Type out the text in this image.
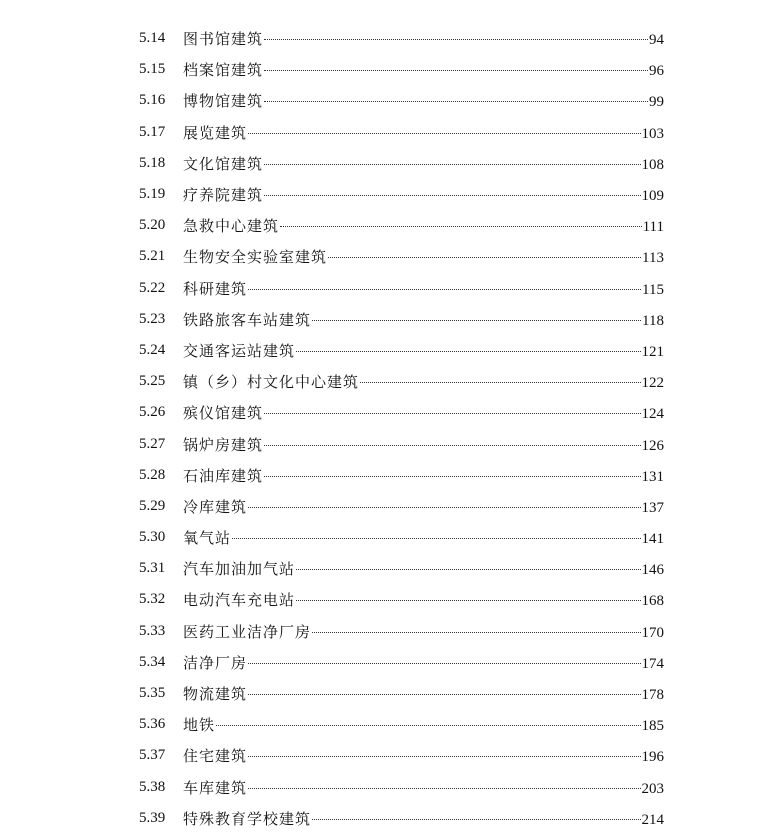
5.14	图书馆建筑	94
5.15	档案馆建筑	96
5.16	博物馆建筑	99
5.17	展览建筑	103
5.18	文化馆建筑	108
5.19	疗养院建筑	109
5.20	急救中心建筑	111
5.21	生物安全实验室建筑	113
5.22	科研建筑	115
5.23	铁路旅客车站建筑	118
5.24	交通客运站建筑	121
5.25	镇（乡）村文化中心建筑	122
5.26	殡仪馆建筑	124
5.27	锅炉房建筑	126
5.28	石油库建筑	131
5.29	冷库建筑	137
5.30	氧气站	141
5.31	汽车加油加气站	146
5.32	电动汽车充电站	168
5.33	医药工业洁净厂房	170
5.34	洁净厂房	174
5.35	物流建筑	178
5.36	地铁	185
5.37	住宅建筑	196
5.38	车库建筑	203
5.39	特殊教育学校建筑	214
